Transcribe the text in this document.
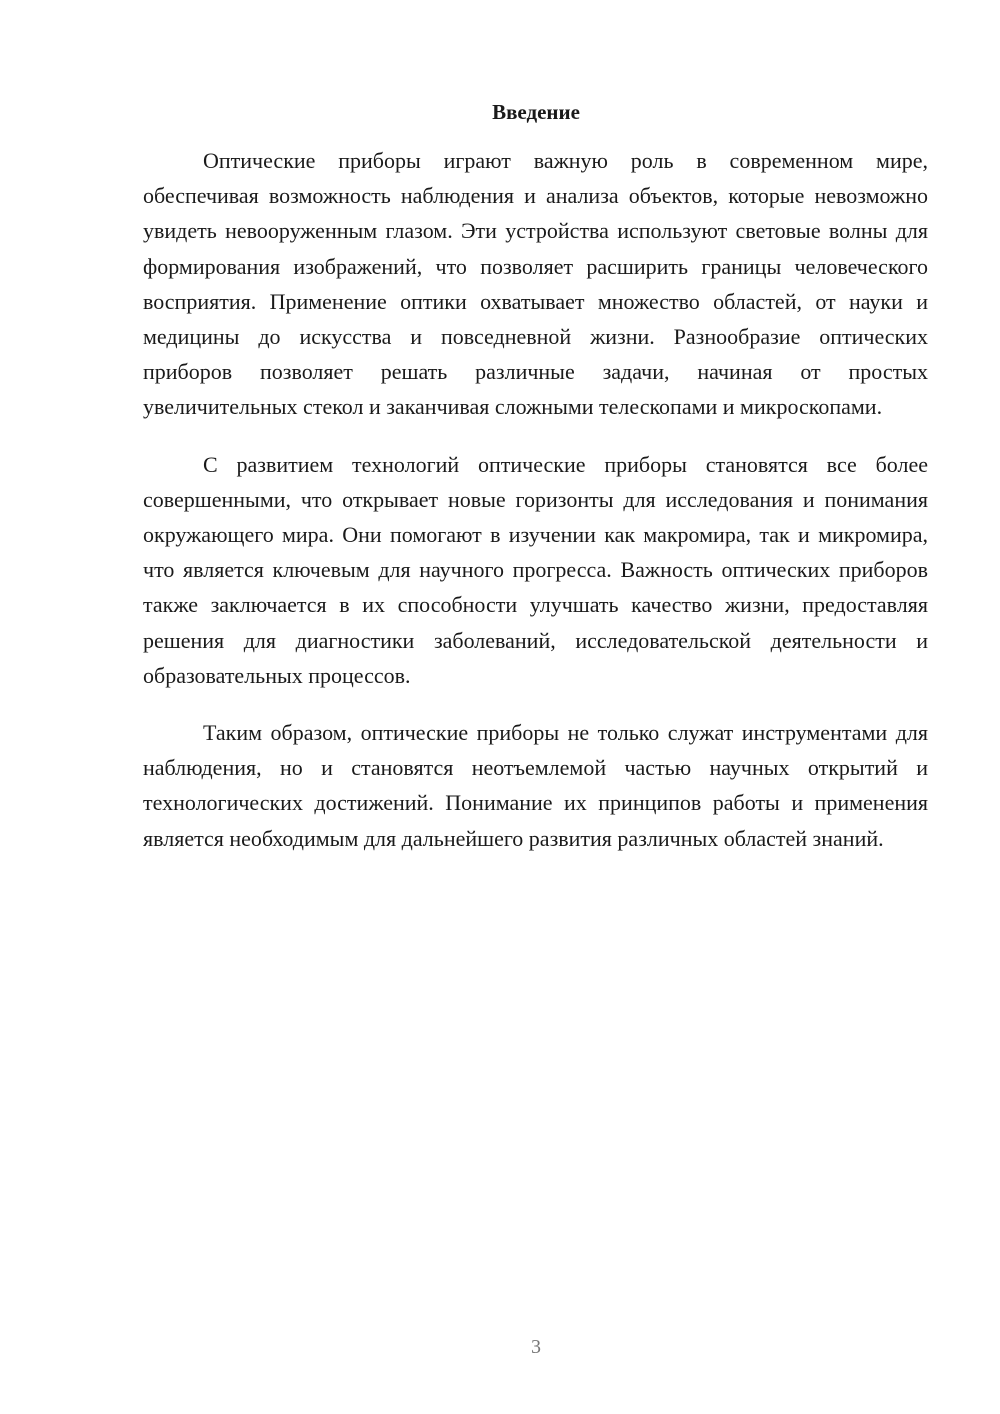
Введение

Оптические приборы играют важную роль в современном мире, обеспечивая возможность наблюдения и анализа объектов, которые невозможно увидеть невооруженным глазом. Эти устройства используют световые волны для формирования изображений, что позволяет расширить границы человеческого восприятия. Применение оптики охватывает множество областей, от науки и медицины до искусства и повседневной жизни. Разнообразие оптических приборов позволяет решать различные задачи, начиная от простых увеличительных стекол и заканчивая сложными телескопами и микроскопами.

С развитием технологий оптические приборы становятся все более совершенными, что открывает новые горизонты для исследования и понимания окружающего мира. Они помогают в изучении как макромира, так и микромира, что является ключевым для научного прогресса. Важность оптических приборов также заключается в их способности улучшать качество жизни, предоставляя решения для диагностики заболеваний, исследовательской деятельности и образовательных процессов.

Таким образом, оптические приборы не только служат инструментами для наблюдения, но и становятся неотъемлемой частью научных открытий и технологических достижений. Понимание их принципов работы и применения является необходимым для дальнейшего развития различных областей знаний.

3
